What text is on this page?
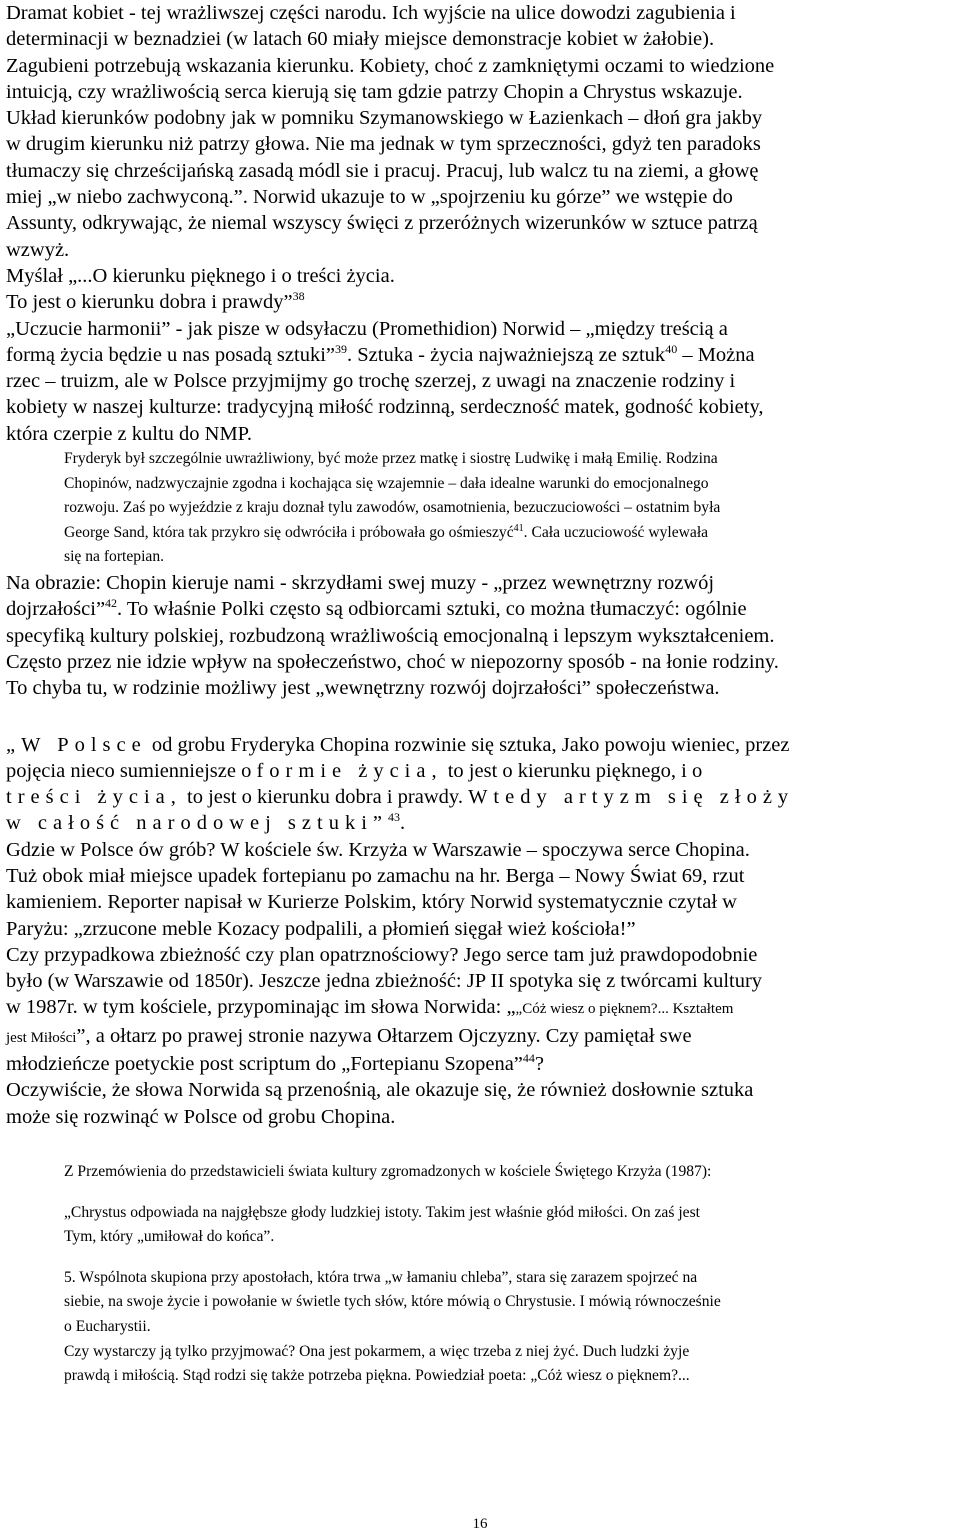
Dramat kobiet - tej wrażliwszej części narodu. Ich wyjście na ulice dowodzi zagubienia i

determinacji w beznadziei (w latach 60 miały miejsce demonstracje kobiet w żałobie).

Zagubieni potrzebują wskazania kierunku. Kobiety, choć z zamkniętymi oczami to wiedzione

intuicją, czy wrażliwością serca kierują się tam gdzie patrzy Chopin a Chrystus wskazuje.

Układ kierunków podobny jak w pomniku Szymanowskiego w Łazienkach – dłoń gra jakby

w drugim kierunku niż patrzy głowa. Nie ma jednak w tym sprzeczności, gdyż ten paradoks

tłumaczy się chrześcijańską zasadą módl sie i pracuj. Pracuj, lub walcz tu na ziemi, a głowę

miej „w niebo zachwyconą.”. Norwid ukazuje to w „spojrzeniu ku górze” we wstępie do

Assunty, odkrywając, że niemal wszyscy święci z przeróżnych wizerunków w sztuce patrzą

wzwyż.

Myślał „...O kierunku pięknego i o treści życia.

To jest o kierunku dobra i prawdy”$^{38}$

„Uczucie harmonii” - jak pisze w odsyłaczu (Promethidion) Norwid – „między treścią a

formą życia będzie u nas posadą sztuki”$^{39}$. Sztuka - życia najważniejszą ze sztuk$^{40}$ – Można

rzec – truizm, ale w Polsce przyjmijmy go trochę szerzej, z uwagi na znaczenie rodziny i

kobiety w naszej kulturze: tradycyjną miłość rodzinną, serdeczność matek, godność kobiety,

która czerpie z kultu do NMP.

Fryderyk był szczególnie uwrażliwiony, być może przez matkę i siostrę Ludwikę i małą Emilię. Rodzina

Chopinów, nadzwyczajnie zgodna i kochająca się wzajemnie – dała idealne warunki do emocjonalnego

rozwoju. Zaś po wyjeździe z kraju doznał tylu zawodów, osamotnienia, bezuczuciowości – ostatnim była

George Sand, która tak przykro się odwróciła i próbowała go ośmieszyć$^{41}$. Cała uczuciowość wylewała

się na fortepian.

Na obrazie: Chopin kieruje nami - skrzydłami swej muzy - „przez wewnętrzny rozwój

dojrzałości”$^{42}$. To właśnie Polki często są odbiorcami sztuki, co można tłumaczyć: ogólnie

specyfiką kultury polskiej, rozbudzoną wrażliwością emocjonalną i lepszym wykształceniem.

Często przez nie idzie wpływ na społeczeństwo, choć w niepozorny sposób - na łonie rodziny.

To chyba tu, w rodzinie możliwy jest „wewnętrzny rozwój dojrzałości” społeczeństwa.

„W Polsce od grobu Fryderyka Chopina rozwinie się sztuka, Jako powoju wieniec, przez

pojęcia nieco sumienniejsze o formie życia, to jest o kierunku pięknego, i o

treści życia, to jest o kierunku dobra i prawdy. Wtedy artyzm się złoży

w całość narodowej sztuki”$^{43}$.

Gdzie w Polsce ów grób? W kościele św. Krzyża w Warszawie – spoczywa serce Chopina.

Tuż obok miał miejsce upadek fortepianu po zamachu na hr. Berga – Nowy Świat 69, rzut

kamieniem. Reporter napisał w Kurierze Polskim, który Norwid systematycznie czytał w

Paryżu: „zrzucone meble Kozacy podpalili, a płomień sięgał wież kościoła!”

Czy przypadkowa zbieżność czy plan opatrznościowy? Jego serce tam już prawdopodobnie

było (w Warszawie od 1850r). Jeszcze jedna zbieżność: JP II spotyka się z twórcami kultury

w 1987r. w tym kościele, przypominając im słowa Norwida: „„Cóż wiesz o pięknem?... Kształtem

jest Miłości”, a ołtarz po prawej stronie nazywa Ołtarzem Ojczyzny. Czy pamiętał swe

młodzieńcze poetyckie post scriptum do „Fortepianu Szopena”$^{44}$?

Oczywiście, że słowa Norwida są przenośnią, ale okazuje się, że również dosłownie sztuka

może się rozwinąć w Polsce od grobu Chopina.

Z Przemówienia do przedstawicieli świata kultury zgromadzonych w kościele Świętego Krzyża (1987):

„Chrystus odpowiada na najgłębsze głody ludzkiej istoty. Takim jest właśnie głód miłości. On zaś jest

Tym, który „umiłował do końca”.

5. Wspólnota skupiona przy apostołach, która trwa „w łamaniu chleba”, stara się zarazem spojrzeć na

siebie, na swoje życie i powołanie w świetle tych słów, które mówią o Chrystusie. I mówią równocześnie

o Eucharystii.

Czy wystarczy ją tylko przyjmować? Ona jest pokarmem, a więc trzeba z niej żyć. Duch ludzki żyje

prawdą i miłością. Stąd rodzi się także potrzeba piękna. Powiedział poeta: „Cóż wiesz o pięknem?...

16
